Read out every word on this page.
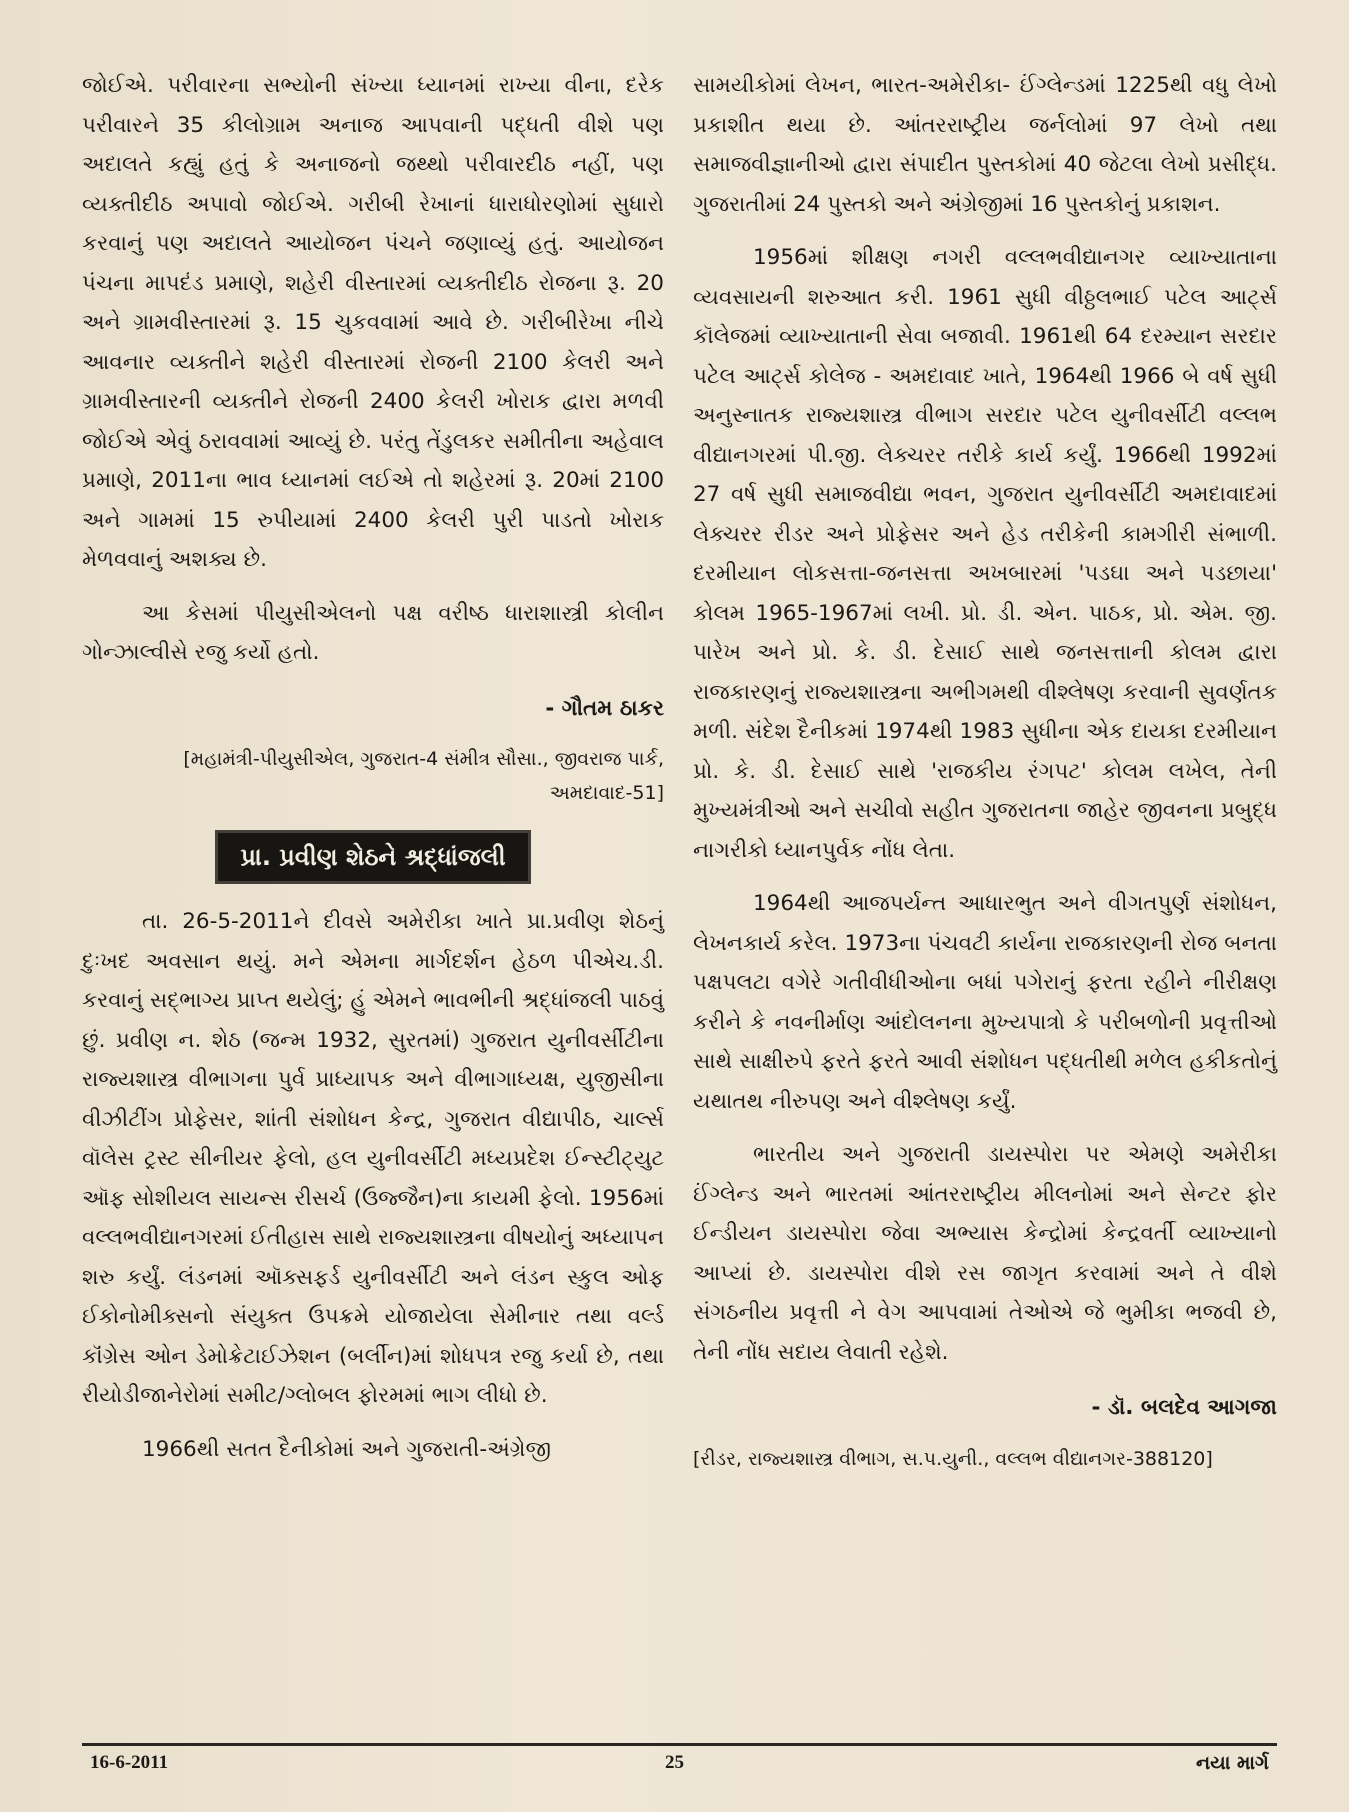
જોઈએ. પરીવારના સભ્યોની સંખ્યા ધ્યાનમાં રાખ્યા વીના, દરેક પરીવારને 35 કીલોગ્રામ અનાજ આપવાની પદ્ધતી વીશે પણ અદાલતે કહ્યું હતું કે અનાજનો જથ્થો પરીવારદીઠ નહીં, પણ વ્યક્તીદીઠ અપાવો જોઈએ. ગરીબી રેખાનાં ધારાધોરણોમાં સુધારો કરવાનું પણ અદાલતે આયોજન પંચને જણાવ્યું હતું. આયોજન પંચના માપદંડ પ્રમાણે, શહેરી વીસ્તારમાં વ્યક્તીદીઠ રોજના રૂ. 20 અને ગ્રામવીસ્તારમાં રૂ. 15 ચુકવવામાં આવે છે. ગરીબીરેખા નીચે આવનાર વ્યક્તીને શહેરી વીસ્તારમાં રોજની 2100 કેલરી અને ગ્રામવીસ્તારની વ્યક્તીને રોજની 2400 કેલરી ખોરાક દ્વારા મળવી જોઈએ એવું ઠરાવવામાં આવ્યું છે. પરંતુ તેંડુલકર સમીતીના અહેવાલ પ્રમાણે, 2011ના ભાવ ધ્યાનમાં લઈએ તો શહેરમાં રૂ. 20માં 2100 અને ગામમાં 15 રુપીયામાં 2400 કેલરી પુરી પાડતો ખોરાક મેળવવાનું અશક્ય છે.

આ કેસમાં પીયુસીએલનો પક્ષ વરીષ્ઠ ધારાશાસ્ત્રી કોલીન ગોન્ઝાલ્વીસે રજુ કર્યો હતો.

- ગૌતમ ઠાકર

[મહામંત્રી-પીયુસીએલ, ગુજરાત-4 સંમીત્ર સૌસા., જીવરાજ પાર્ક,
અમદાવાદ-51]

પ્રા. પ્રવીણ શેઠને શ્રદ્ધાંજલી

તા. 26-5-2011ને દીવસે અમેરીકા ખાતે પ્રા.પ્રવીણ શેઠનું દુઃખદ અવસાન થયું. મને એમના માર્ગદર્શન હેઠળ પીએચ.ડી. કરવાનું સદ્ભાગ્ય પ્રાપ્ત થયેલું; હું એમને ભાવભીની શ્રદ્ધાંજલી પાઠવું છું. પ્રવીણ ન. શેઠ (જન્મ 1932, સુરતમાં) ગુજરાત યુનીવર્સીટીના રાજ્યશાસ્ત્ર વીભાગના પુર્વ પ્રાધ્યાપક અને વીભાગાધ્યક્ષ, યુજીસીના વીઝીટીંગ પ્રોફેસર, શાંતી સંશોધન કેન્દ્ર, ગુજરાત વીદ્યાપીઠ, ચાર્લ્સ વૉલેસ ટ્રસ્ટ સીનીયર ફેલો, હલ યુનીવર્સીટી મધ્યપ્રદેશ ઈન્સ્ટીટ્યુટ ઑફ સોશીયલ સાયન્સ રીસર્ચ (ઉજ્જૈન)ના કાયમી ફેલો. 1956માં વલ્લભવીદ્યાનગરમાં ઈતીહાસ સાથે રાજ્યશાસ્ત્રના વીષયોનું અધ્યાપન શરુ કર્યું. લંડનમાં ઑક્સફર્ડ યુનીવર્સીટી અને લંડન સ્કુલ ઓફ ઈકોનોમીક્સનો સંયુક્ત ઉપક્રમે યોજાયેલા સેમીનાર તથા વર્લ્ડ કૉંગ્રેસ ઓન ડેમોક્રેટાઈઝેશન (બર્લીન)માં શોધપત્ર રજુ કર્યા છે, તથા રીયોડીજાનેરોમાં સમીટ/ગ્લોબલ ફોરમમાં ભાગ લીધો છે.

1966થી સતત દૈનીકોમાં અને ગુજરાતી-અંગ્રેજી

સામયીકોમાં લેખન, ભારત-અમેરીકા- ઈંગ્લેન્ડમાં 1225થી વધુ લેખો પ્રકાશીત થયા છે. આંતરરાષ્ટ્રીય જર્નલોમાં 97 લેખો તથા સમાજવીજ્ઞાનીઓ દ્વારા સંપાદીત પુસ્તકોમાં 40 જેટલા લેખો પ્રસીદ્ધ. ગુજરાતીમાં 24 પુસ્તકો અને અંગ્રેજીમાં 16 પુસ્તકોનું પ્રકાશન.

1956માં શીક્ષણ નગરી વલ્લભવીદ્યાનગર વ્યાખ્યાતાના વ્યવસાયની શરુઆત કરી. 1961 સુધી વીઠ્ઠલભાઈ પટેલ આર્ટ્સ કૉલેજમાં વ્યાખ્યાતાની સેવા બજાવી. 1961થી 64 દરમ્યાન સરદાર પટેલ આર્ટ્સ કોલેજ - અમદાવાદ ખાતે, 1964થી 1966 બે વર્ષ સુધી અનુસ્નાતક રાજ્યશાસ્ત્ર વીભાગ સરદાર પટેલ યુનીવર્સીટી વલ્લભ વીદ્યાનગરમાં પી.જી. લેક્ચરર તરીકે કાર્ય કર્યું. 1966થી 1992માં 27 વર્ષ સુધી સમાજવીદ્યા ભવન, ગુજરાત યુનીવર્સીટી અમદાવાદમાં લેક્ચરર રીડર અને પ્રોફેસર અને હેડ તરીકેની કામગીરી સંભાળી. દરમીયાન લોકસત્તા-જનસત્તા અખબારમાં 'પડઘા અને પડછાયા' કોલમ 1965-1967માં લખી. પ્રો. ડી. એન. પાઠક, પ્રો. એમ. જી. પારેખ અને પ્રો. કે. ડી. દેસાઈ સાથે જનસત્તાની કોલમ દ્વારા રાજકારણનું રાજ્યશાસ્ત્રના અભીગમથી વીશ્લેષણ કરવાની સુવર્ણતક મળી. સંદેશ દૈનીકમાં 1974થી 1983 સુધીના એક દાયકા દરમીયાન પ્રો. કે. ડી. દેસાઈ સાથે 'રાજકીય રંગપટ' કોલમ લખેલ, તેની મુખ્યમંત્રીઓ અને સચીવો સહીત ગુજરાતના જાહેર જીવનના પ્રબુદ્ધ નાગરીકો ધ્યાનપુર્વક નોંધ લેતા.

1964થી આજપર્યન્ત આધારભુત અને વીગતપુર્ણ સંશોધન, લેખનકાર્ય કરેલ. 1973ના પંચવટી કાર્યના રાજકારણની રોજ બનતા પક્ષપલટા વગેરે ગતીવીધીઓના બધાં પગેરાનું ફરતા રહીને નીરીક્ષણ કરીને કે નવનીર્માણ આંદોલનના મુખ્યપાત્રો કે પરીબળોની પ્રવૃત્તીઓ સાથે સાક્ષીરુપે ફરતે ફરતે આવી સંશોધન પદ્ધતીથી મળેલ હકીકતોનું યથાતથ નીરુપણ અને વીશ્લેષણ કર્યું.

ભારતીય અને ગુજરાતી ડાયસ્પોરા પર એમણે અમેરીકા ઈંગ્લેન્ડ અને ભારતમાં આંતરરાષ્ટ્રીય મીલનોમાં અને સેન્ટર ફોર ઈન્ડીયન ડાયસ્પોરા જેવા અભ્યાસ કેન્દ્રોમાં કેન્દ્રવર્તી વ્યાખ્યાનો આપ્યાં છે. ડાયસ્પોરા વીશે રસ જાગૃત કરવામાં અને તે વીશે સંગઠનીય પ્રવૃત્તી ને વેગ આપવામાં તેઓએ જે ભુમીકા ભજવી છે, તેની નોંધ સદાય લેવાતી રહેશે.

- ડૉ. બલદેવ આગજા

[રીડર, રાજ્યશાસ્ત્ર વીભાગ, સ.પ.યુની., વલ્લભ વીદ્યાનગર-388120]

16-6-2011	25	નયા માર્ગ
